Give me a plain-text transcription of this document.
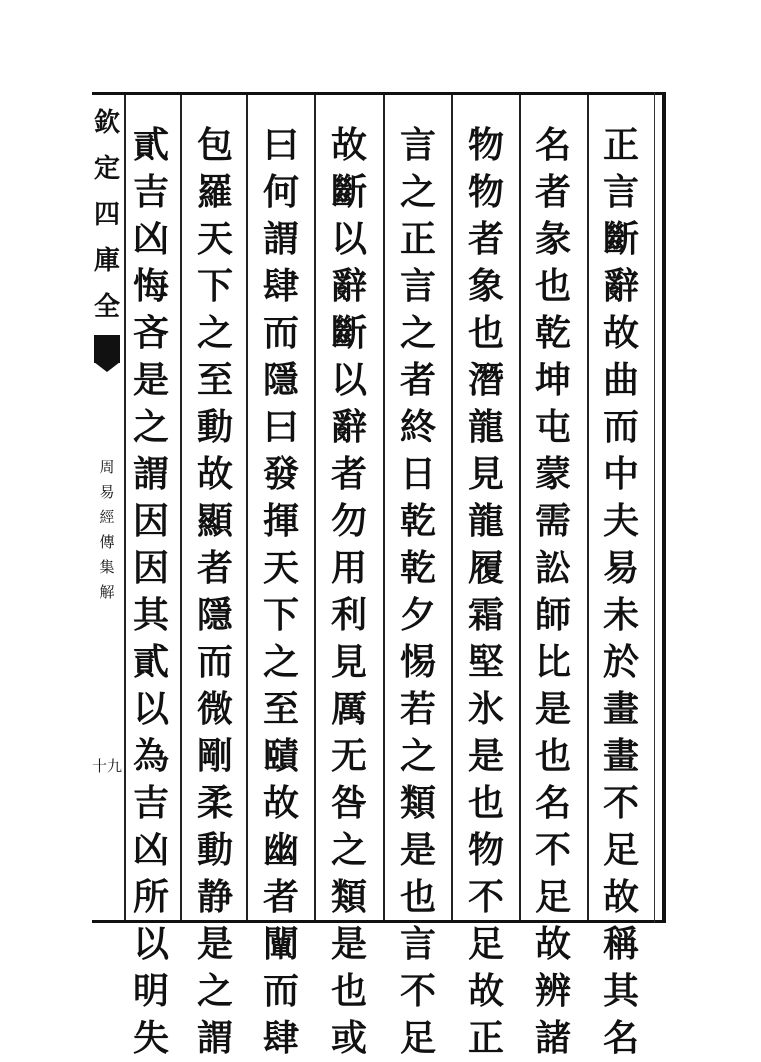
欽
定
四
庫
全
周
易
經
傳
集
解
十九
正
言
斷
辭
故
曲
而
中
夫
易
未
於
畫
畫
不
足
故
稱
其
名
名
者
彖
也
乾
坤
屯
蒙
需
訟
師
比
是
也
名
不
足
故
辨
諸
物
物
者
象
也
潛
龍
見
龍
履
霜
堅
氷
是
也
物
不
足
故
正
言
之
正
言
之
者
終
日
乾
乾
夕
惕
若
之
類
是
也
言
不
足
故
斷
以
辭
斷
以
辭
者
勿
用
利
見
厲
无
咎
之
類
是
也
或
曰
何
謂
肆
而
隱
曰
發
揮
天
下
之
至
賾
故
幽
者
闡
而
肆
包
羅
天
下
之
至
動
故
顯
者
隱
而
微
剛
柔
動
静
是
之
謂
貳
吉
凶
悔
吝
是
之
謂
因
因
其
貳
以
為
吉
凶
所
以
明
失
